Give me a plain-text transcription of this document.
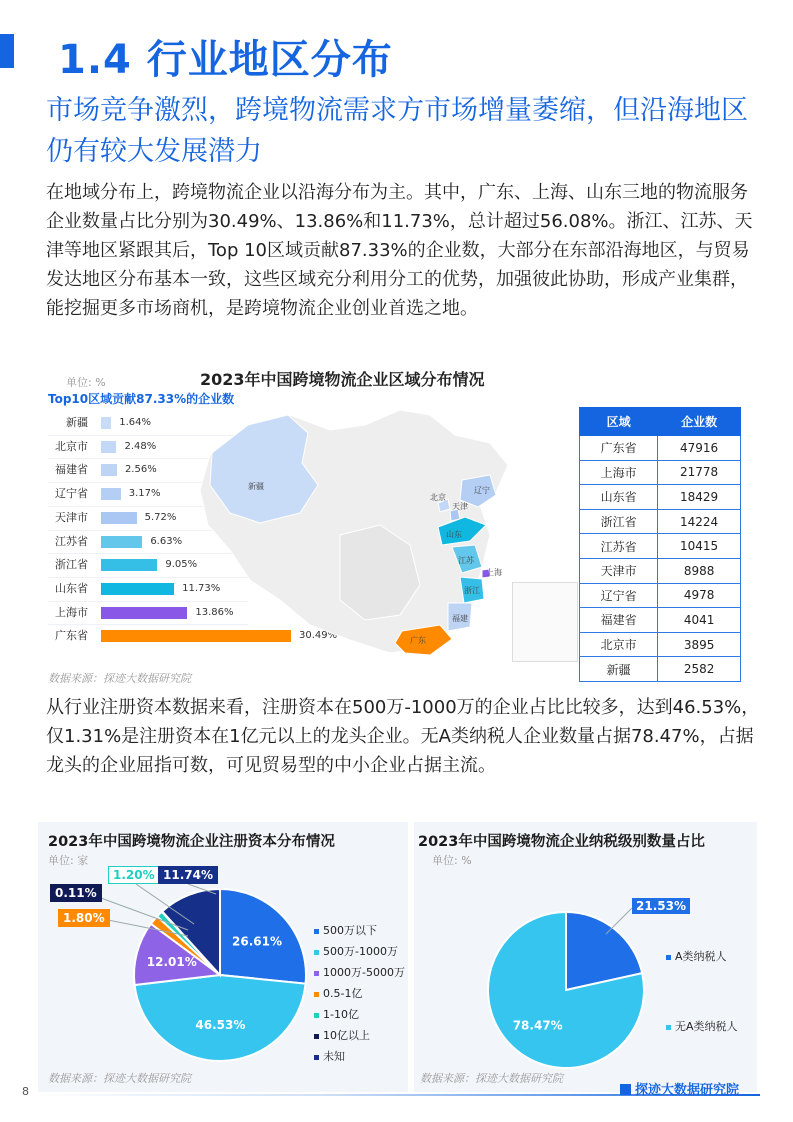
1.4 行业地区分布
市场竞争激烈，跨境物流需求方市场增量萎缩，但沿海地区仍有较大发展潜力
在地域分布上，跨境物流企业以沿海分布为主。其中，广东、上海、山东三地的物流服务企业数量占比分别为30.49%、13.86%和11.73%，总计超过56.08%。浙江、江苏、天津等地区紧跟其后，Top 10区域贡献87.33%的企业数，大部分在东部沿海地区，与贸易发达地区分布基本一致，这些区域充分利用分工的优势，加强彼此协助，形成产业集群，能挖掘更多市场商机，是跨境物流企业创业首选之地。
单位: %	2023年中国跨境物流企业区域分布情况
Top10区域贡献87.33%的企业数
新疆	1.64%
北京市	2.48%
福建省	2.56%
辽宁省	3.17%
天津市	5.72%
江苏省	6.63%
浙江省	9.05%
山东省	11.73%
上海市	13.86%
广东省	30.49%
新疆
北京
辽宁
天津
山东
江苏
上海
浙江
福建
广东
区域	企业数
广东省	47916
上海市	21778
山东省	18429
浙江省	14224
江苏省	10415
天津市	8988
辽宁省	4978
福建省	4041
北京市	3895
新疆	2582
数据来源：探迹大数据研究院
从行业注册资本数据来看，注册资本在500万-1000万的企业占比比较多，达到46.53%，仅1.31%是注册资本在1亿元以上的龙头企业。无A类纳税人企业数量占据78.47%，占据龙头的企业屈指可数，可见贸易型的中小企业占据主流。
2023年中国跨境物流企业注册资本分布情况
单位: 家
26.61%
46.53%
12.01%
500万以下
500万-1000万
1000万-5000万
0.5-1亿
1-10亿
10亿以上
未知
数据来源：探迹大数据研究院
1.20% 11.74%
0.11%
1.80%
2023年中国跨境物流企业纳税级别数量占比
单位: %
78.47%
A类纳税人
无A类纳税人
数据来源：探迹大数据研究院
21.53%
8	探迹大数据研究院
